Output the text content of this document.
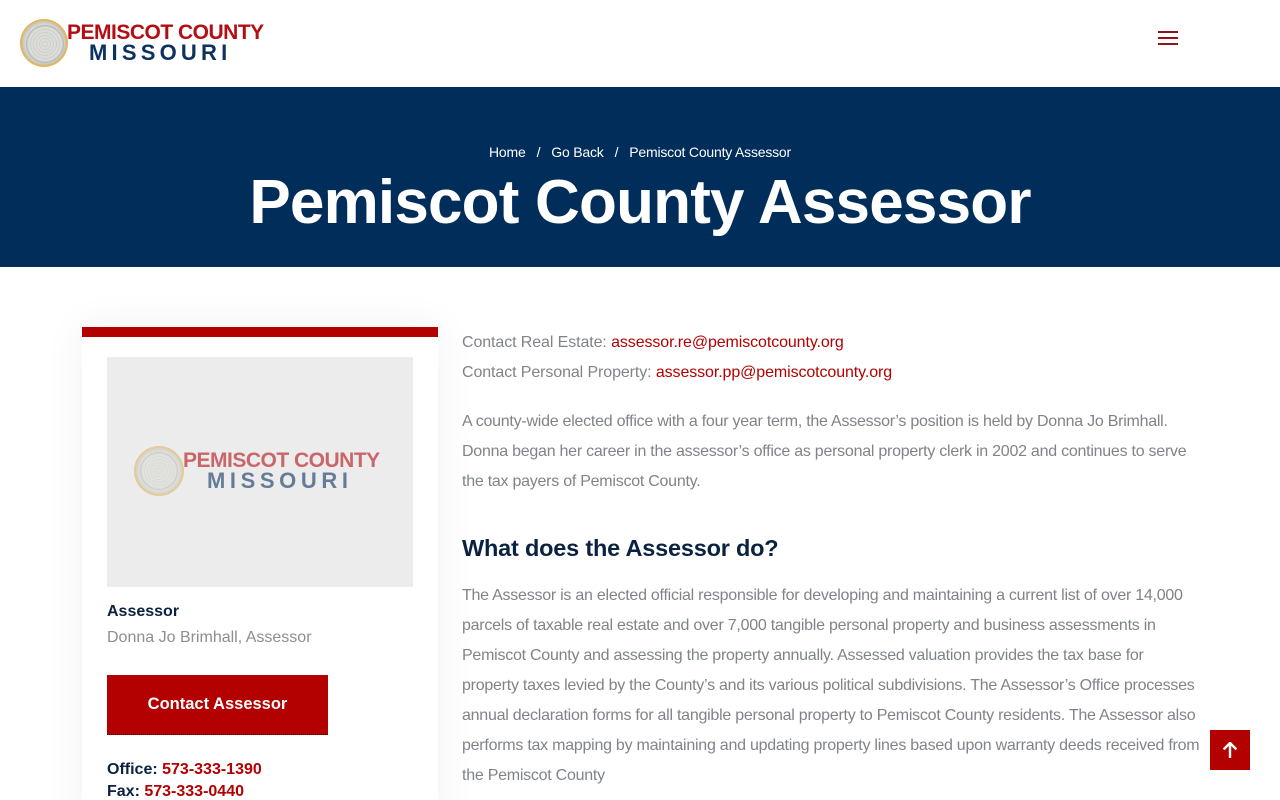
PEMISCOT COUNTY
MISSOURI
Home / Go Back / Pemiscot County Assessor
Pemiscot County Assessor
PEMISCOT COUNTY
MISSOURI
Assessor
Donna Jo Brimhall, Assessor
Contact Assessor
Office: 573-333-1390
Fax: 573-333-0440
Contact Real Estate: assessor.re@pemiscotcounty.org
Contact Personal Property: assessor.pp@pemiscotcounty.org

A county-wide elected office with a four year term, the Assessor’s position is held by Donna Jo Brimhall. Donna began her career in the assessor’s office as personal property clerk in 2002 and continues to serve the tax payers of Pemiscot County.

What does the Assessor do?

The Assessor is an elected official responsible for developing and maintaining a current list of over 14,000 parcels of taxable real estate and over 7,000 tangible personal property and business assessments in Pemiscot County and assessing the property annually. Assessed valuation provides the tax base for property taxes levied by the County’s and its various political subdivisions. The Assessor’s Office processes annual declaration forms for all tangible personal property to Pemiscot County residents. The Assessor also performs tax mapping by maintaining and updating property lines based upon warranty deeds received from the Pemiscot County
